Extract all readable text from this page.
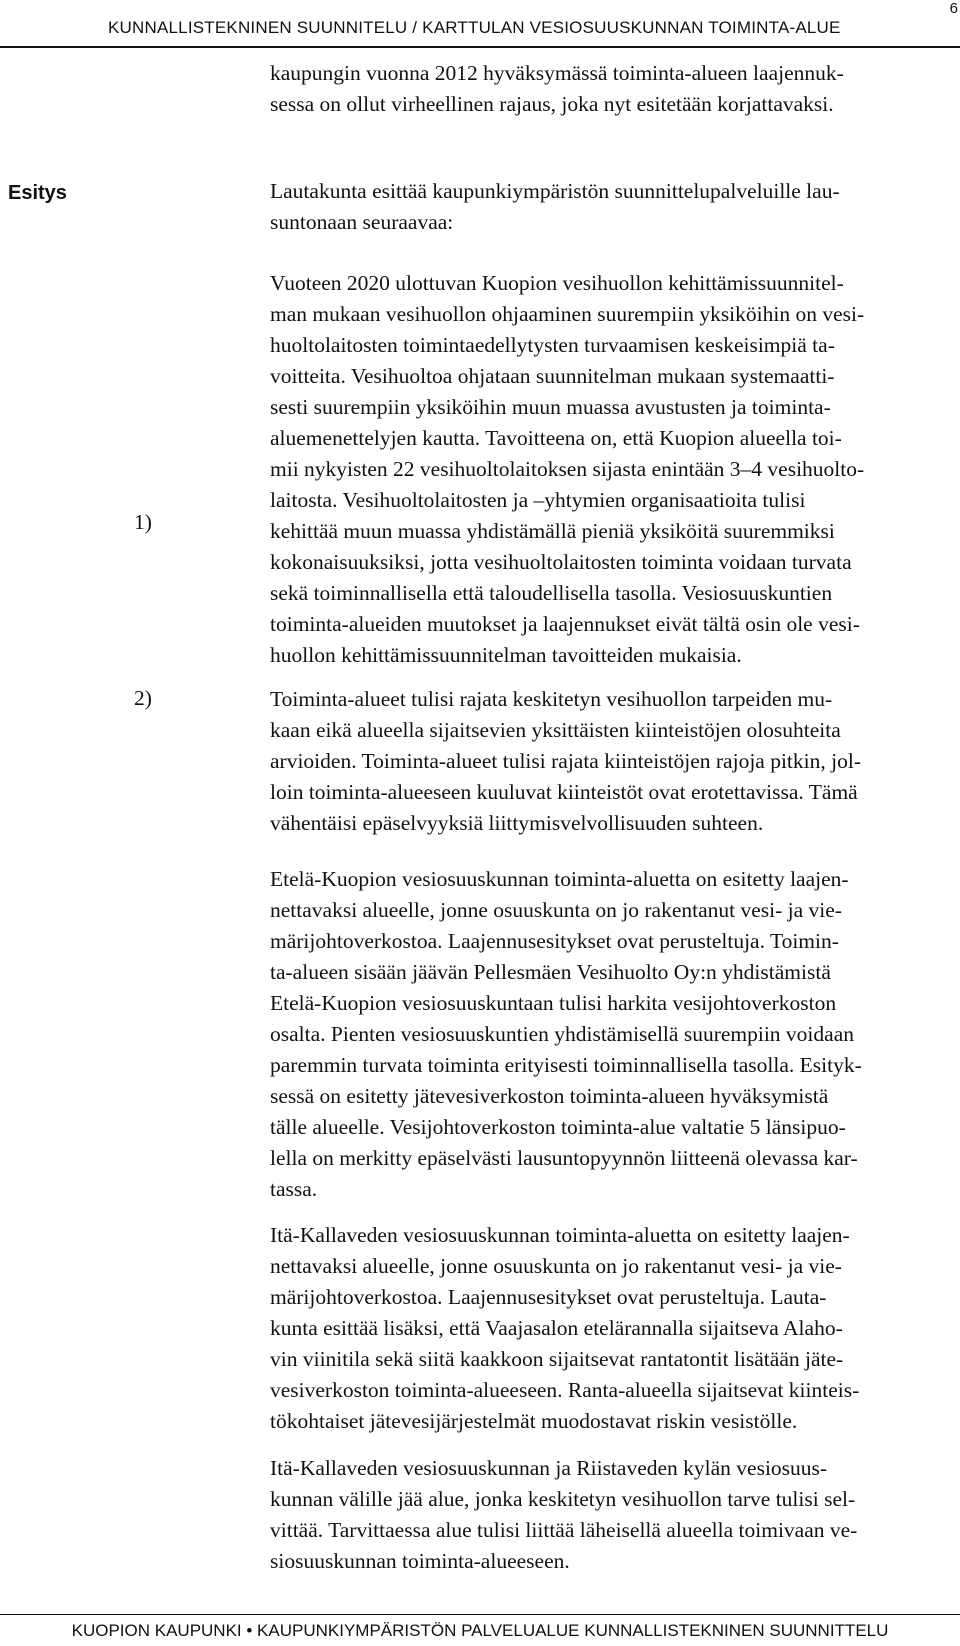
6
KUNNALLISTEKNINEN SUUNNITELU / KARTTULAN VESIOSUUSKUNNAN TOIMINTA-ALUE
kaupungin vuonna 2012 hyväksymässä toiminta-alueen laajennuk-
sessa on ollut virheellinen rajaus, joka nyt esitetään korjattavaksi.
Esitys	Lautakunta esittää kaupunkiympäristön suunnittelupalveluille lau-
suntonaan seuraavaa:
1)
Vuoteen 2020 ulottuvan Kuopion vesihuollon kehittämissuunnitel-
man mukaan vesihuollon ohjaaminen suurempiin yksiköihin on vesi-
huoltolaitosten toimintaedellytysten turvaamisen keskeisimpiä ta-
voitteita. Vesihuoltoa ohjataan suunnitelman mukaan systemaatti-
sesti suurempiin yksiköihin muun muassa avustusten ja toiminta-
aluemenettelyjen kautta. Tavoitteena on, että Kuopion alueella toi-
mii nykyisten 22 vesihuoltolaitoksen sijasta enintään 3–4 vesihuolto-
laitosta. Vesihuoltolaitosten ja –yhtymien organisaatioita tulisi
kehittää muun muassa yhdistämällä pieniä yksiköitä suuremmiksi
kokonaisuuksiksi, jotta vesihuoltolaitosten toiminta voidaan turvata
sekä toiminnallisella että taloudellisella tasolla. Vesiosuuskuntien
toiminta-alueiden muutokset ja laajennukset eivät tältä osin ole vesi-
huollon kehittämissuunnitelman tavoitteiden mukaisia.
2)	Toiminta-alueet tulisi rajata keskitetyn vesihuollon tarpeiden mu-
kaan eikä alueella sijaitsevien yksittäisten kiinteistöjen olosuhteita
arvioiden. Toiminta-alueet tulisi rajata kiinteistöjen rajoja pitkin, jol-
loin toiminta-alueeseen kuuluvat kiinteistöt ovat erotettavissa. Tämä
vähentäisi epäselvyyksiä liittymisvelvollisuuden suhteen.
Etelä-Kuopion vesiosuuskunnan toiminta-aluetta on esitetty laajen-
nettavaksi alueelle, jonne osuuskunta on jo rakentanut vesi- ja vie-
märijohtoverkostoa. Laajennusesitykset ovat perusteltuja. Toimin-
ta-alueen sisään jäävän Pellesmäen Vesihuolto Oy:n yhdistämistä
Etelä-Kuopion vesiosuuskuntaan tulisi harkita vesijohtoverkoston
osalta. Pienten vesiosuuskuntien yhdistämisellä suurempiin voidaan
paremmin turvata toiminta erityisesti toiminnallisella tasolla. Esityk-
sessä on esitetty jätevesiverkoston toiminta-alueen hyväksymistä
tälle alueelle. Vesijohtoverkoston toiminta-alue valtatie 5 länsipuo-
lella on merkitty epäselvästi lausuntopyynnön liitteenä olevassa kar-
tassa.
Itä-Kallaveden vesiosuuskunnan toiminta-aluetta on esitetty laajen-
nettavaksi alueelle, jonne osuuskunta on jo rakentanut vesi- ja vie-
märijohtoverkostoa. Laajennusesitykset ovat perusteltuja. Lauta-
kunta esittää lisäksi, että Vaajasalon etelärannalla sijaitseva Alaho-
vin viinitila sekä siitä kaakkoon sijaitsevat rantatontit lisätään jäte-
vesiverkoston toiminta-alueeseen. Ranta-alueella sijaitsevat kiinteis-
tökohtaiset jätevesijärjestelmät muodostavat riskin vesistölle.
Itä-Kallaveden vesiosuuskunnan ja Riistaveden kylän vesiosuus-
kunnan välille jää alue, jonka keskitetyn vesihuollon tarve tulisi sel-
vittää. Tarvittaessa alue tulisi liittää läheisellä alueella toimivaan ve-
siosuuskunnan toiminta-alueeseen.
KUOPION KAUPUNKI • KAUPUNKIYMPÄRISTÖN PALVELUALUE KUNNALLISTEKNINEN SUUNNITTELU
